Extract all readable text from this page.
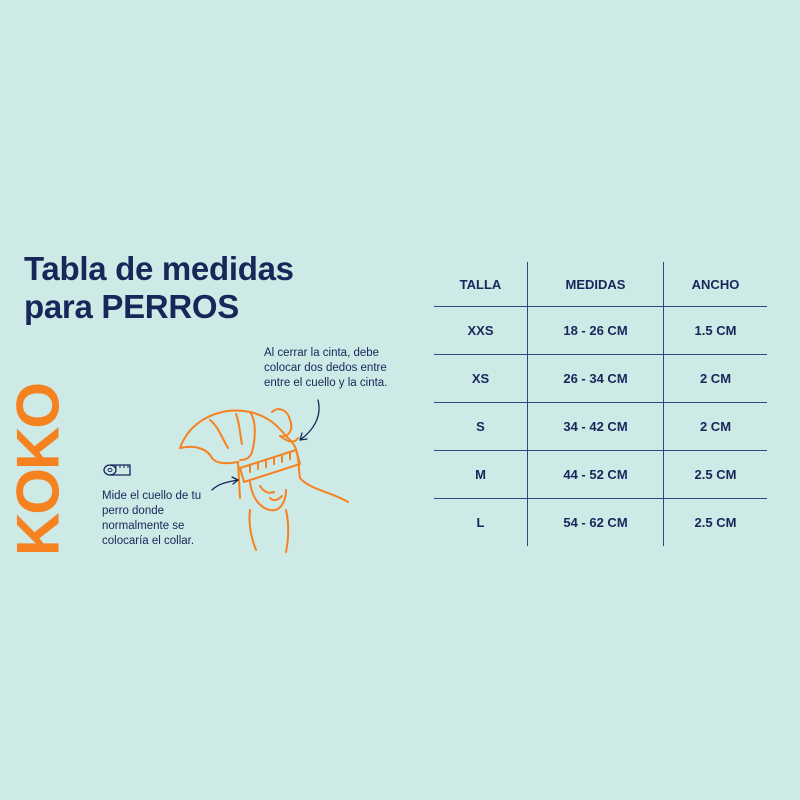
Tabla de medidas
para PERROS
KOKO
Al cerrar la cinta, debe colocar dos dedos entre entre el cuello y la cinta.
Mide el cuello de tu perro donde normalmente se colocaría el collar.
TALLA	MEDIDAS	ANCHO
XXS	18 - 26 CM	1.5 CM
XS	26 - 34 CM	2 CM
S	34 - 42 CM	2 CM
M	44 - 52 CM	2.5 CM
L	54 - 62 CM	2.5 CM
